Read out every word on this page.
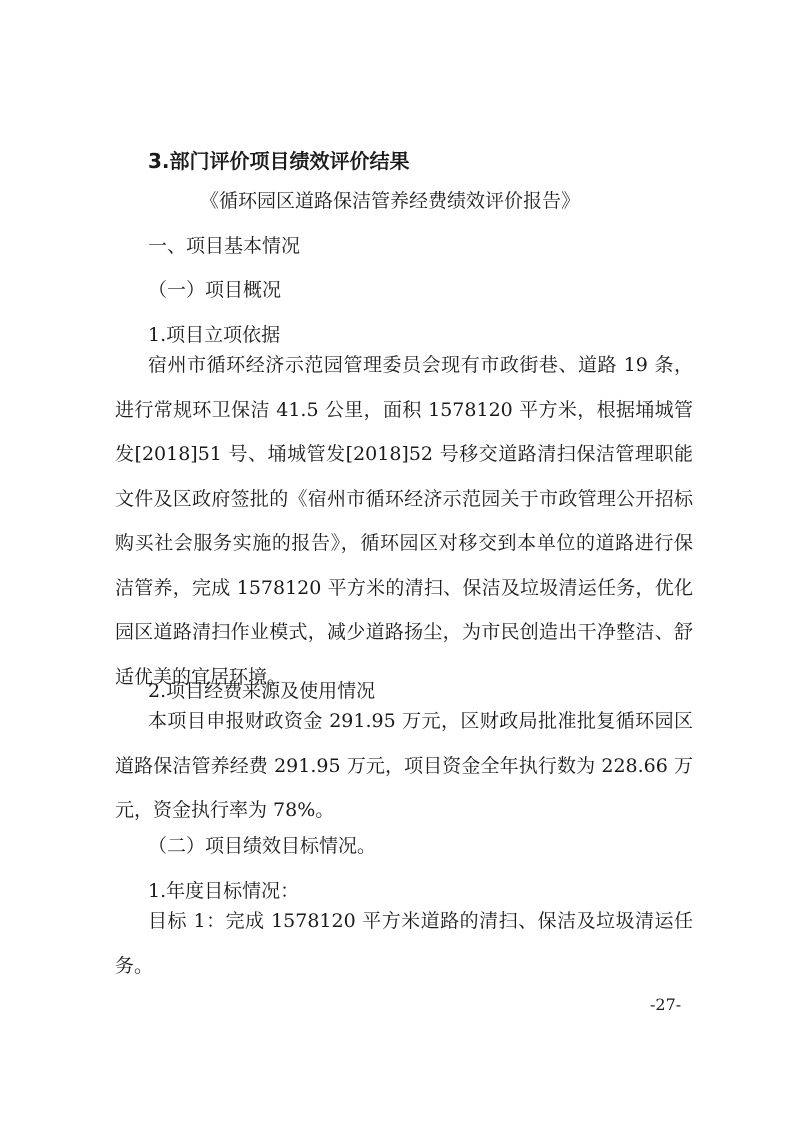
3.部门评价项目绩效评价结果
《循环园区道路保洁管养经费绩效评价报告》
一、项目基本情况
（一）项目概况
1.项目立项依据
宿州市循环经济示范园管理委员会现有市政街巷、道路 19 条，进行常规环卫保洁 41.5 公里，面积 1578120 平方米，根据埇城管发[2018]51 号、埇城管发[2018]52 号移交道路清扫保洁管理职能文件及区政府签批的《宿州市循环经济示范园关于市政管理公开招标购买社会服务实施的报告》，循环园区对移交到本单位的道路进行保洁管养，完成 1578120 平方米的清扫、保洁及垃圾清运任务，优化园区道路清扫作业模式，减少道路扬尘，为市民创造出干净整洁、舒适优美的宜居环境。
2.项目经费来源及使用情况
本项目申报财政资金 291.95 万元，区财政局批准批复循环园区道路保洁管养经费 291.95 万元，项目资金全年执行数为 228.66 万元，资金执行率为 78%。
（二）项目绩效目标情况。
1.年度目标情况：
目标 1：完成 1578120 平方米道路的清扫、保洁及垃圾清运任务。
-27-
